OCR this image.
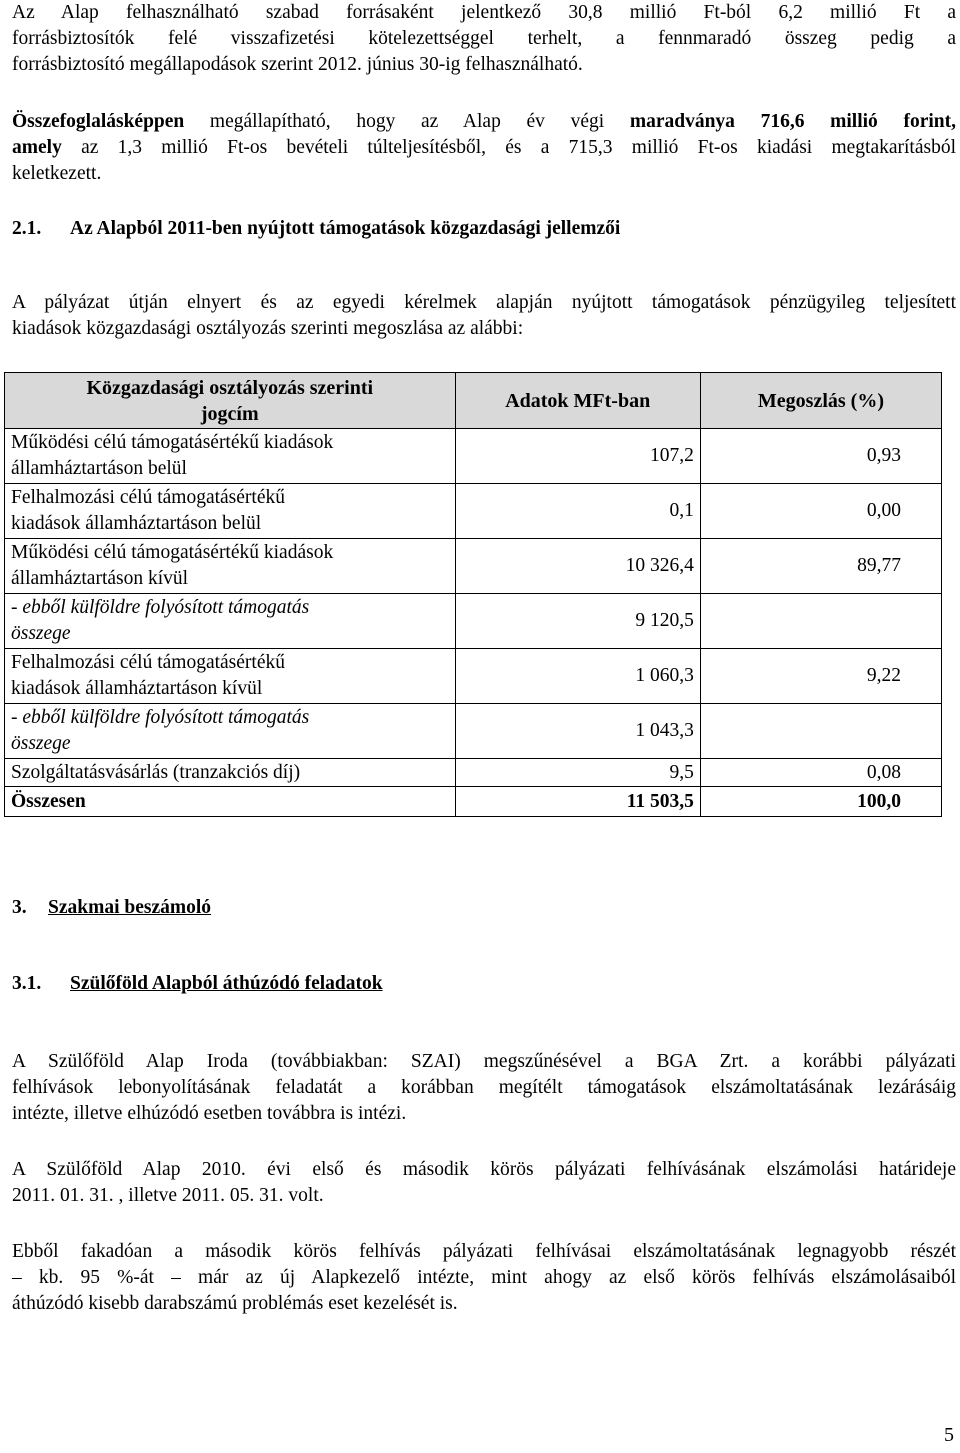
Az Alap felhasználható szabad forrásaként jelentkező 30,8 millió Ft-ból 6,2 millió Ft a
forrásbiztosítók felé visszafizetési kötelezettséggel terhelt, a fennmaradó összeg pedig a
forrásbiztosító megállapodások szerint 2012. június 30-ig felhasználható.
Összefoglalásképpen megállapítható, hogy az Alap év végi maradványa 716,6 millió forint,
amely az 1,3 millió Ft-os bevételi túlteljesítésből, és a 715,3 millió Ft-os kiadási megtakarításból
keletkezett.
2.1. Az Alapból 2011-ben nyújtott támogatások közgazdasági jellemzői
A pályázat útján elnyert és az egyedi kérelmek alapján nyújtott támogatások pénzügyileg teljesített
kiadások közgazdasági osztályozás szerinti megoszlása az alábbi:
Közgazdasági osztályozás szerinti
jogcím	Adatok MFt-ban	Megoszlás (%)

Működési célú támogatásértékű kiadások
államháztartáson belül	107,2	0,93

Felhalmozási célú támogatásértékű
kiadások államháztartáson belül	0,1	0,00

Működési célú támogatásértékű kiadások
államháztartáson kívül	10 326,4	89,77

- ebből külföldre folyósított támogatás
összege	9 120,5	

Felhalmozási célú támogatásértékű
kiadások államháztartáson kívül	1 060,3	9,22

- ebből külföldre folyósított támogatás
összege	1 043,3	

Szolgáltatásvásárlás (tranzakciós díj)	9,5	0,08
Összesen	11 503,5	100,0
3. Szakmai beszámoló
3.1. Szülőföld Alapból áthúzódó feladatok
A Szülőföld Alap Iroda (továbbiakban: SZAI) megszűnésével a BGA Zrt. a korábbi pályázati
felhívások lebonyolításának feladatát a korábban megítélt támogatások elszámoltatásának lezárásáig
intézte, illetve elhúzódó esetben továbbra is intézi.
A Szülőföld Alap 2010. évi első és második körös pályázati felhívásának elszámolási határideje
2011. 01. 31. , illetve 2011. 05. 31. volt.
Ebből fakadóan a második körös felhívás pályázati felhívásai elszámoltatásának legnagyobb részét
– kb. 95 %-át – már az új Alapkezelő intézte, mint ahogy az első körös felhívás elszámolásaiból
áthúzódó kisebb darabszámú problémás eset kezelését is.
5
